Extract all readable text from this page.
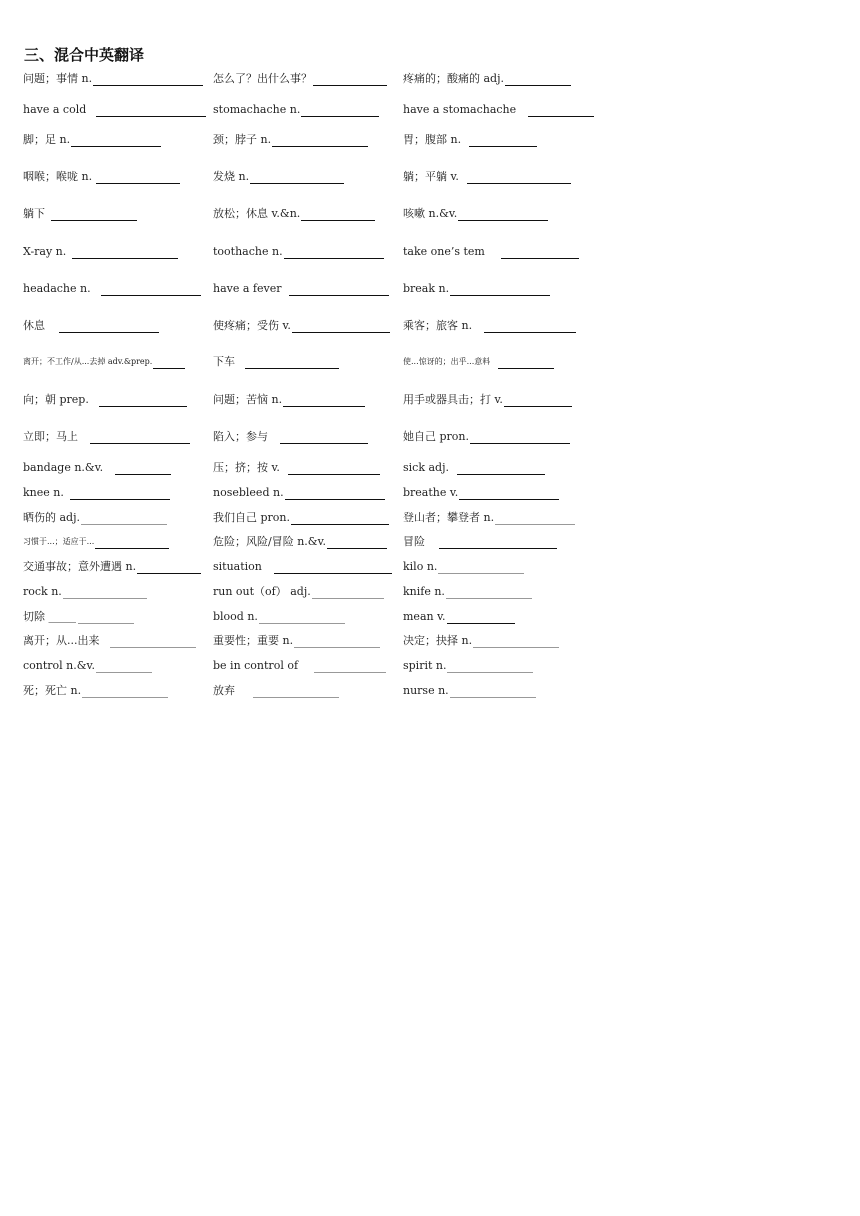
三、混合中英翻译
问题；事情 n.	怎么了？出什么事？	疼痛的；酸痛的 adj.
have a cold	stomachache n.	have a stomachache
脚；足 n.	颈；脖子 n.	胃；腹部 n.
咽喉；喉咙 n.	发烧 n.	躺；平躺 v.
躺下	放松；休息 v.&n.	咳嗽 n.&v.
X-ray n.	toothache n.	take one’s tem
headache n.	have a fever	break n.
休息	使疼痛；受伤 v.	乘客；旅客 n.
离开；不工作/从...去掉 adv.&prep.	下车	使...惊讶的；出乎...意料
向；朝 prep.	问题；苦恼 n.	用手或器具击；打 v.
立即；马上	陷入；参与	她自己 pron.
bandage n.&v.	压；挤；按 v.	sick adj.
knee n.	nosebleed n.	breathe v.
晒伤的 adj.	我们自己 pron.	登山者；攀登者 n.
习惯于...；适应于...	危险；风险/冒险 n.&v.	冒险
交通事故；意外遭遇 n.	situation	kilo n.
rock n.	run out（of） adj.	knife n.
切除 _____	blood n.	mean v.
离开；从...出来	重要性；重要 n.	决定；抉择 n.
control n.&v.	be in control of	spirit n.
死；死亡 n.	放弃	nurse n.
